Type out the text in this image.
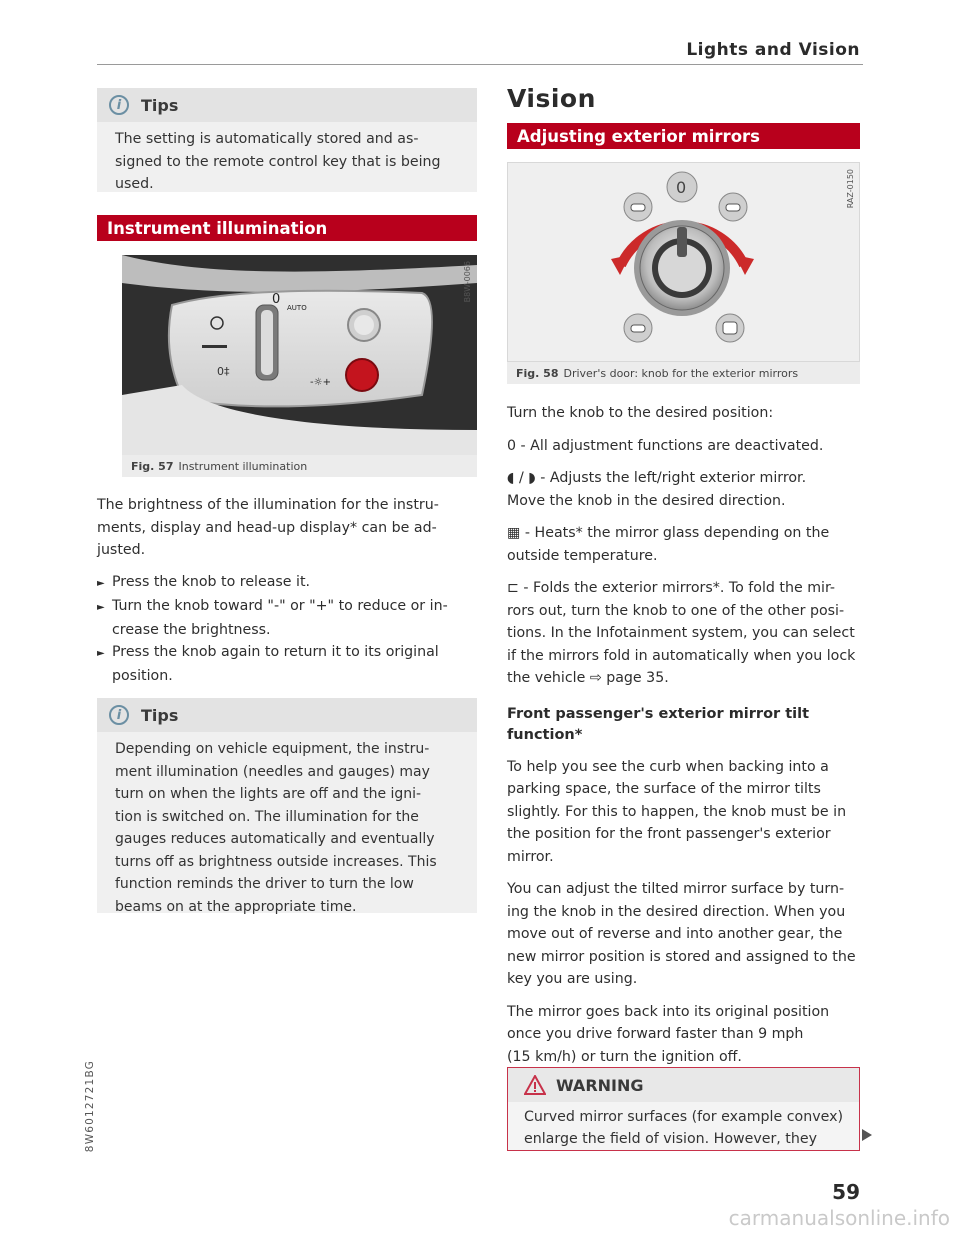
Lights and Vision
i	Tips
The setting is automatically stored and as-
signed to the remote control key that is being
used.
Instrument illumination
0
AUTO
-☼+
0‡
B8W-0066
Fig. 57 Instrument illumination

The brightness of the illumination for the instru-

ments, display and head-up display* can be ad-

justed.

► Press the knob to release it.
► Turn the knob toward "-" or "+" to reduce or in-
crease the brightness.
► Press the knob again to return it to its original
position.
i	Tips
Depending on vehicle equipment, the instru-
ment illumination (needles and gauges) may
turn on when the lights are off and the igni-
tion is switched on. The illumination for the
gauges reduces automatically and eventually
turns off as brightness outside increases. This
function reminds the driver to turn the low
beams on at the appropriate time.
Vision
Adjusting exterior mirrors
0	RAZ-0150
Fig. 58 Driver's door: knob for the exterior mirrors

Turn the knob to the desired position:

0 - All adjustment functions are deactivated.

◖ / ◗ - Adjusts the left/right exterior mirror.

Move the knob in the desired direction.

▦ - Heats* the mirror glass depending on the

outside temperature.

⊏ - Folds the exterior mirrors*. To fold the mir-

rors out, turn the knob to one of the other posi-

tions. In the Infotainment system, you can select

if the mirrors fold in automatically when you lock

the vehicle ⇨ page 35.

Front passenger's exterior mirror tilt
function*

To help you see the curb when backing into a

parking space, the surface of the mirror tilts

slightly. For this to happen, the knob must be in

the position for the front passenger's exterior

mirror.

You can adjust the tilted mirror surface by turn-

ing the knob in the desired direction. When you

move out of reverse and into another gear, the

new mirror position is stored and assigned to the

key you are using.

The mirror goes back into its original position

once you drive forward faster than 9 mph

(15 km/h) or turn the ignition off.

WARNING
Curved mirror surfaces (for example convex)
enlarge the field of vision. However, they
8W6012721BG
59
carmanualsonline.info
